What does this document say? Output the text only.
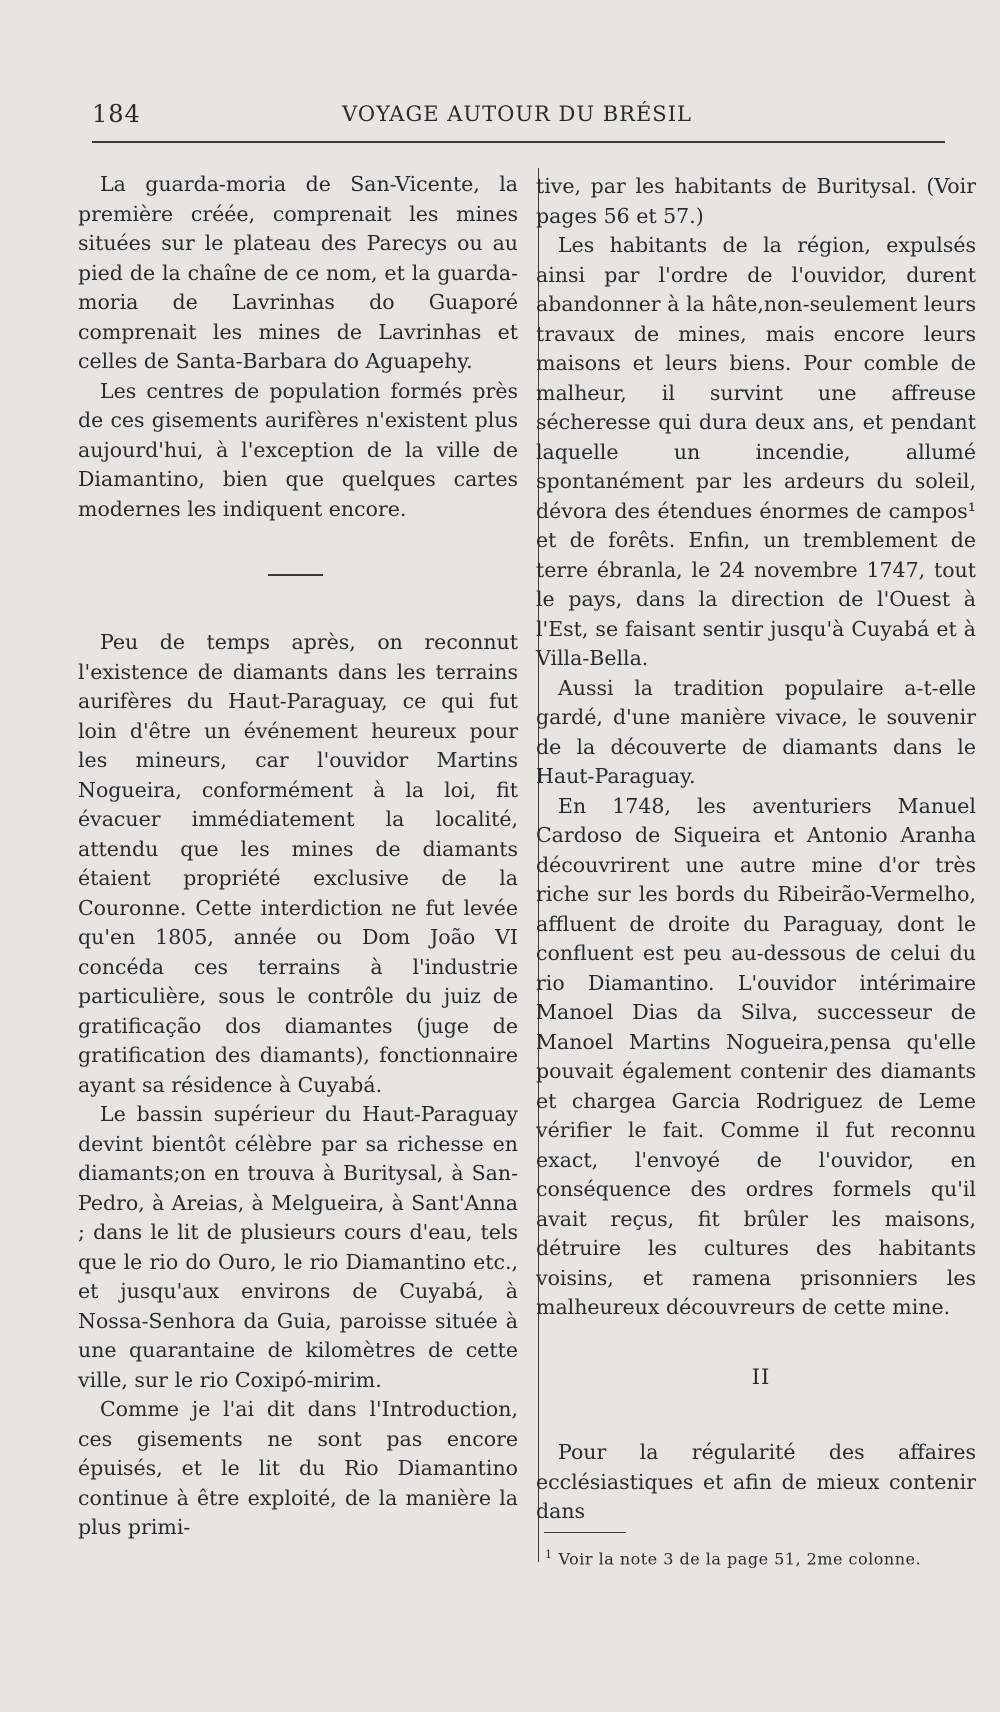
184	VOYAGE AUTOUR DU BRÉSIL

La guarda-moria de San-Vicente, la première créée, comprenait les mines situées sur le plateau des Parecys ou au pied de la chaîne de ce nom, et la guarda-moria de Lavrinhas do Guaporé comprenait les mines de Lavrinhas et celles de Santa-Barbara do Aguapehy.

Les centres de population formés près de ces gisements aurifères n'existent plus aujourd'hui, à l'exception de la ville de Diamantino, bien que quelques cartes modernes les indiquent encore.

Peu de temps après, on reconnut l'existence de diamants dans les terrains aurifères du Haut-Paraguay, ce qui fut loin d'être un événement heureux pour les mineurs, car l'ouvidor Martins Nogueira, conformément à la loi, fit évacuer immédiatement la localité, attendu que les mines de diamants étaient propriété exclusive de la Couronne. Cette interdiction ne fut levée qu'en 1805, année ou Dom João VI concéda ces terrains à l'industrie particulière, sous le contrôle du juiz de gratificação dos diamantes (juge de gratification des diamants), fonctionnaire ayant sa résidence à Cuyabá.

Le bassin supérieur du Haut-Paraguay devint bientôt célèbre par sa richesse en diamants;on en trouva à Buritysal, à San-Pedro, à Areias, à Melgueira, à Sant'Anna ; dans le lit de plusieurs cours d'eau, tels que le rio do Ouro, le rio Diamantino etc., et jusqu'aux environs de Cuyabá, à Nossa-Senhora da Guia, paroisse située à une quarantaine de kilomètres de cette ville, sur le rio Coxipó-mirim.

Comme je l'ai dit dans l'Introduction, ces gisements ne sont pas encore épuisés, et le lit du Rio Diamantino continue à être exploité, de la manière la plus primi-

tive, par les habitants de Buritysal. (Voir pages 56 et 57.)

Les habitants de la région, expulsés ainsi par l'ordre de l'ouvidor, durent abandonner à la hâte,non-seulement leurs travaux de mines, mais encore leurs maisons et leurs biens. Pour comble de malheur, il survint une affreuse sécheresse qui dura deux ans, et pendant laquelle un incendie, allumé spontanément par les ardeurs du soleil, dévora des étendues énormes de campos¹ et de forêts. Enfin, un tremblement de terre ébranla, le 24 novembre 1747, tout le pays, dans la direction de l'Ouest à l'Est, se faisant sentir jusqu'à Cuyabá et à Villa-Bella.

Aussi la tradition populaire a-t-elle gardé, d'une manière vivace, le souvenir de la découverte de diamants dans le Haut-Paraguay.

En 1748, les aventuriers Manuel Cardoso de Siqueira et Antonio Aranha découvrirent une autre mine d'or très riche sur les bords du Ribeirão-Vermelho, affluent de droite du Paraguay, dont le confluent est peu au-dessous de celui du rio Diamantino. L'ouvidor intérimaire Manoel Dias da Silva, successeur de Manoel Martins Nogueira,pensa qu'elle pouvait également contenir des diamants et chargea Garcia Rodriguez de Leme vérifier le fait. Comme il fut reconnu exact, l'envoyé de l'ouvidor, en conséquence des ordres formels qu'il avait reçus, fit brûler les maisons, détruire les cultures des habitants voisins, et ramena prisonniers les malheureux découvreurs de cette mine.

II

Pour la régularité des affaires ecclésiastiques et afin de mieux contenir dans

$^1$ Voir la note 3 de la page 51, 2me colonne.
